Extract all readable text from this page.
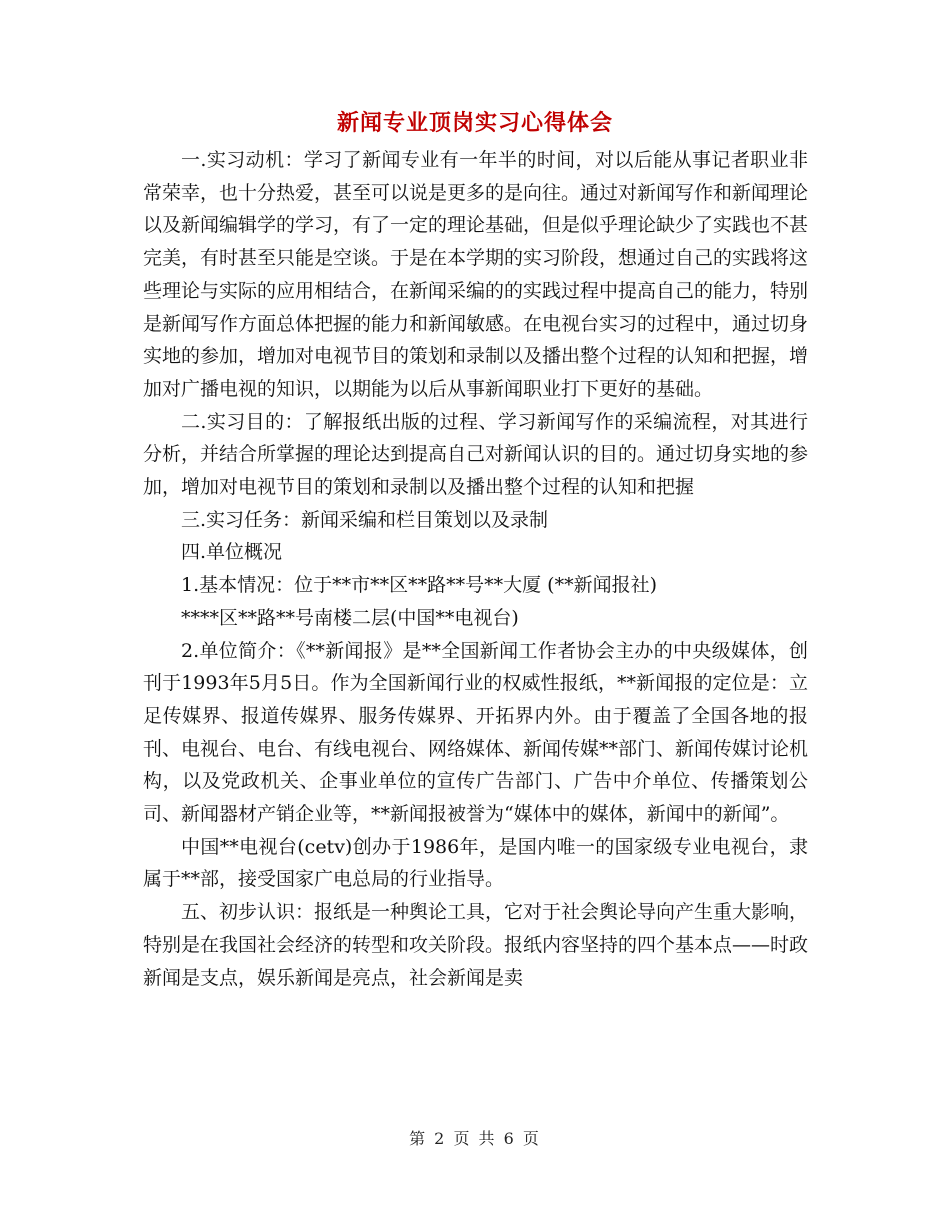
新闻专业顶岗实习心得体会

一.实习动机：学习了新闻专业有一年半的时间，对以后能从事记者职业非常荣幸，也十分热爱，甚至可以说是更多的是向往。通过对新闻写作和新闻理论以及新闻编辑学的学习，有了一定的理论基础，但是似乎理论缺少了实践也不甚完美，有时甚至只能是空谈。于是在本学期的实习阶段，想通过自己的实践将这些理论与实际的应用相结合，在新闻采编的的实践过程中提高自己的能力，特别是新闻写作方面总体把握的能力和新闻敏感。在电视台实习的过程中，通过切身实地的参加，增加对电视节目的策划和录制以及播出整个过程的认知和把握，增加对广播电视的知识，以期能为以后从事新闻职业打下更好的基础。

二.实习目的：了解报纸出版的过程、学习新闻写作的采编流程，对其进行分析，并结合所掌握的理论达到提高自己对新闻认识的目的。通过切身实地的参加，增加对电视节目的策划和录制以及播出整个过程的认知和把握

三.实习任务：新闻采编和栏目策划以及录制

四.单位概况

1.基本情况：位于**市**区**路**号**大厦 (**新闻报社)

****区**路**号南楼二层(中国**电视台)

2.单位简介：《**新闻报》是**全国新闻工作者协会主办的中央级媒体，创刊于1993年5月5日。作为全国新闻行业的权威性报纸，**新闻报的定位是：立足传媒界、报道传媒界、服务传媒界、开拓界内外。由于覆盖了全国各地的报刊、电视台、电台、有线电视台、网络媒体、新闻传媒**部门、新闻传媒讨论机构，以及党政机关、企事业单位的宣传广告部门、广告中介单位、传播策划公司、新闻器材产销企业等，**新闻报被誉为“媒体中的媒体，新闻中的新闻”。

中国**电视台(cetv)创办于1986年，是国内唯一的国家级专业电视台，隶属于**部，接受国家广电总局的行业指导。

五、初步认识：报纸是一种舆论工具，它对于社会舆论导向产生重大影响，特别是在我国社会经济的转型和攻关阶段。报纸内容坚持的四个基本点——时政新闻是支点，娱乐新闻是亮点，社会新闻是卖

第 2 页 共 6 页
